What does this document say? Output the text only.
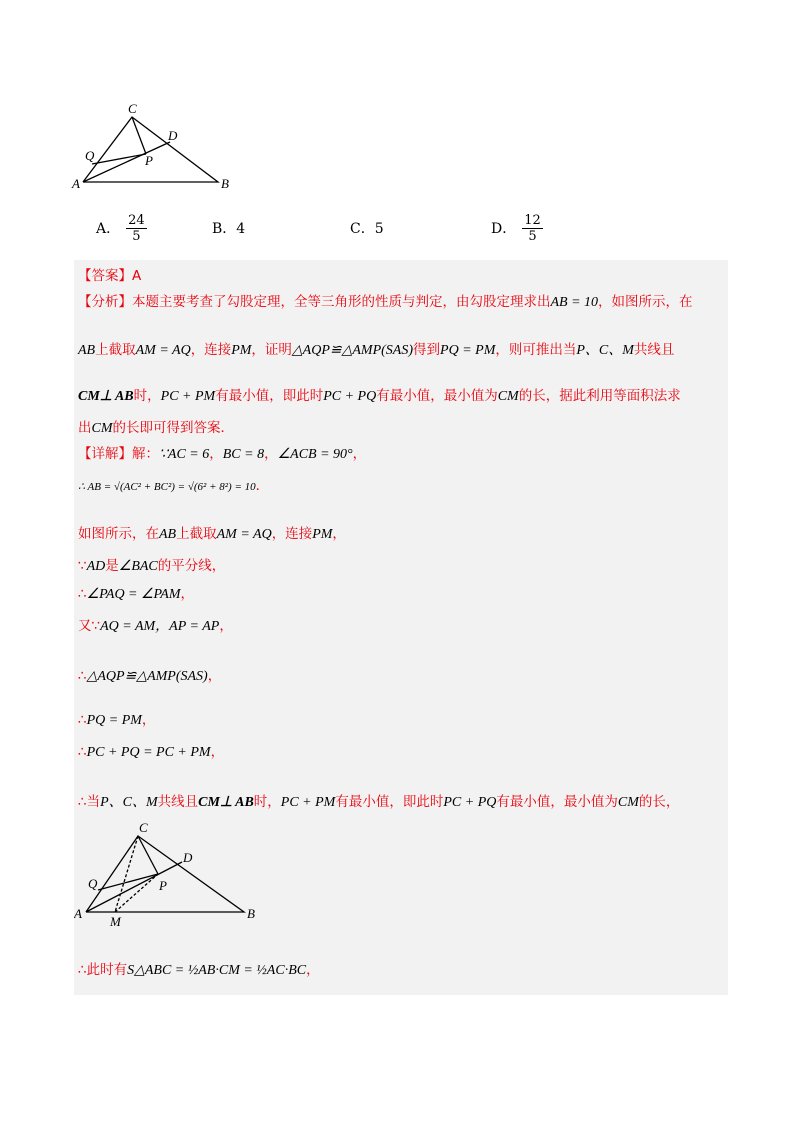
C
D
Q	P
A	B
A． $\frac{24}{5}$	B．4	C．5	D． $\frac{12}{5}$
【答案】A
【分析】本题主要考查了勾股定理，全等三角形的性质与判定，由勾股定理求出AB = 10，如图所示，在
AB上截取AM = AQ，连接PM，证明△AQP≌△AMP(SAS)得到PQ = PM，则可推出当P、C、M共线且
CM⊥ AB时，PC + PM有最小值，即此时PC + PQ有最小值，最小值为CM的长，据此利用等面积法求
出CM的长即可得到答案．
【详解】解：∵AC = 6，BC = 8，∠ACB = 90°，
∴ AB = √(AC² + BC²) = √(6² + 8²) = 10．
如图所示，在AB上截取AM = AQ，连接PM，
∵AD是∠BAC的平分线，
∴∠PAQ = ∠PAM，
又∵AQ = AM，AP = AP，
∴△AQP≌△AMP(SAS)，
∴PQ = PM，
∴PC + PQ = PC + PM，
∴当P、C、M共线且CM⊥ AB时，PC + PM有最小值，即此时PC + PQ有最小值，最小值为CM的长，
C
D
Q	P
A
M
B
∴此时有S△ABC = ½AB·CM = ½AC·BC，
